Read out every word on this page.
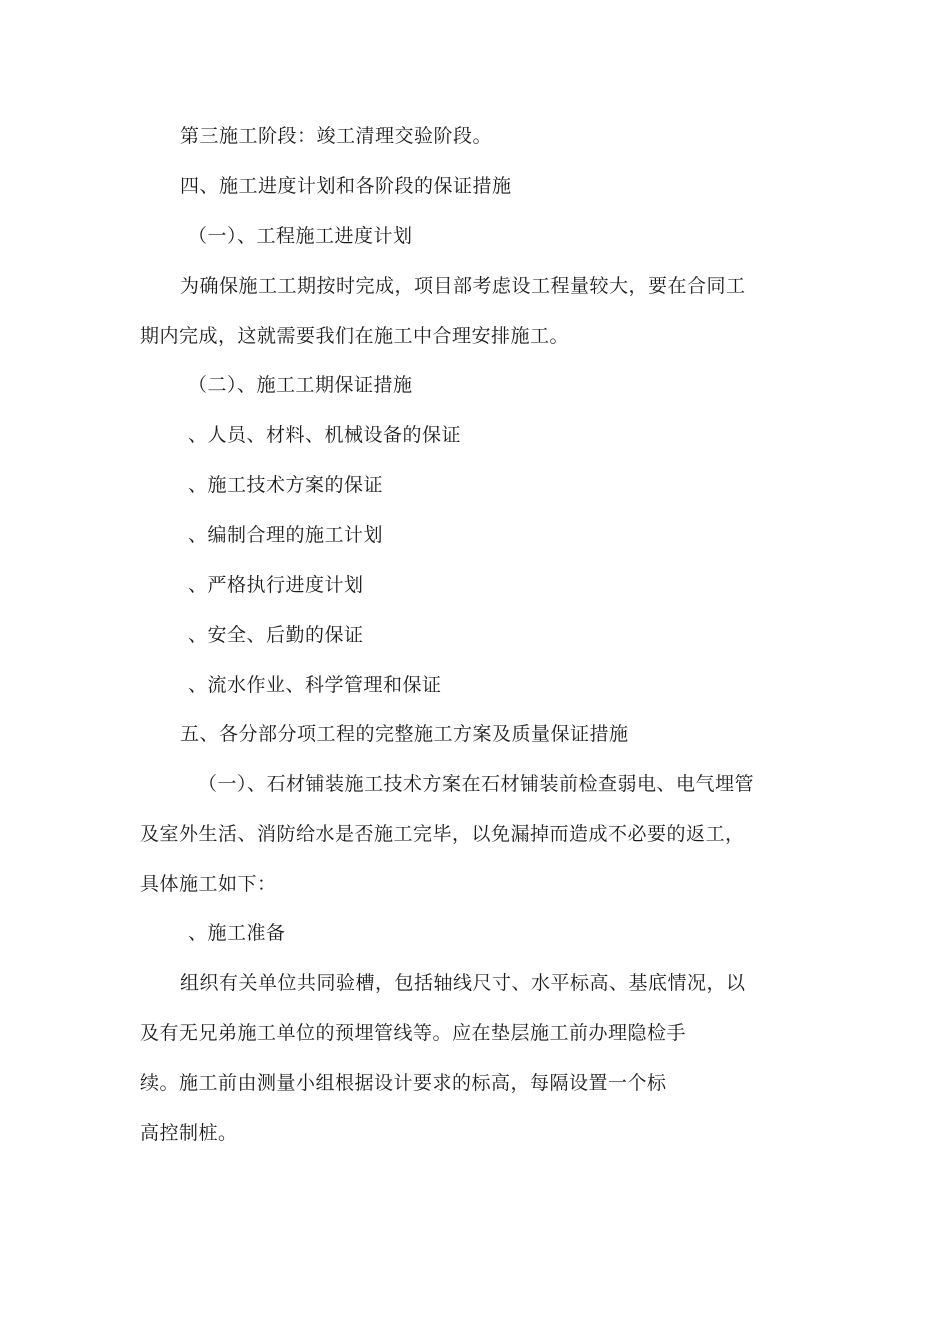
第三施工阶段：竣工清理交验阶段。
四、施工进度计划和各阶段的保证措施
（一）、工程施工进度计划
为确保施工工期按时完成，项目部考虑设工程量较大，要在合同工
期内完成，这就需要我们在施工中合理安排施工。
（二）、施工工期保证措施
、人员、材料、机械设备的保证
、施工技术方案的保证
、编制合理的施工计划
、严格执行进度计划
、安全、后勤的保证
、流水作业、科学管理和保证
五、各分部分项工程的完整施工方案及质量保证措施
（一）、石材铺装施工技术方案在石材铺装前检查弱电、电气埋管
及室外生活、消防给水是否施工完毕，以免漏掉而造成不必要的返工，
具体施工如下：
、施工准备
组织有关单位共同验槽，包括轴线尺寸、水平标高、基底情况，以
及有无兄弟施工单位的预埋管线等。应在垫层施工前办理隐检手
续。施工前由测量小组根据设计要求的标高，每隔设置一个标
高控制桩。
